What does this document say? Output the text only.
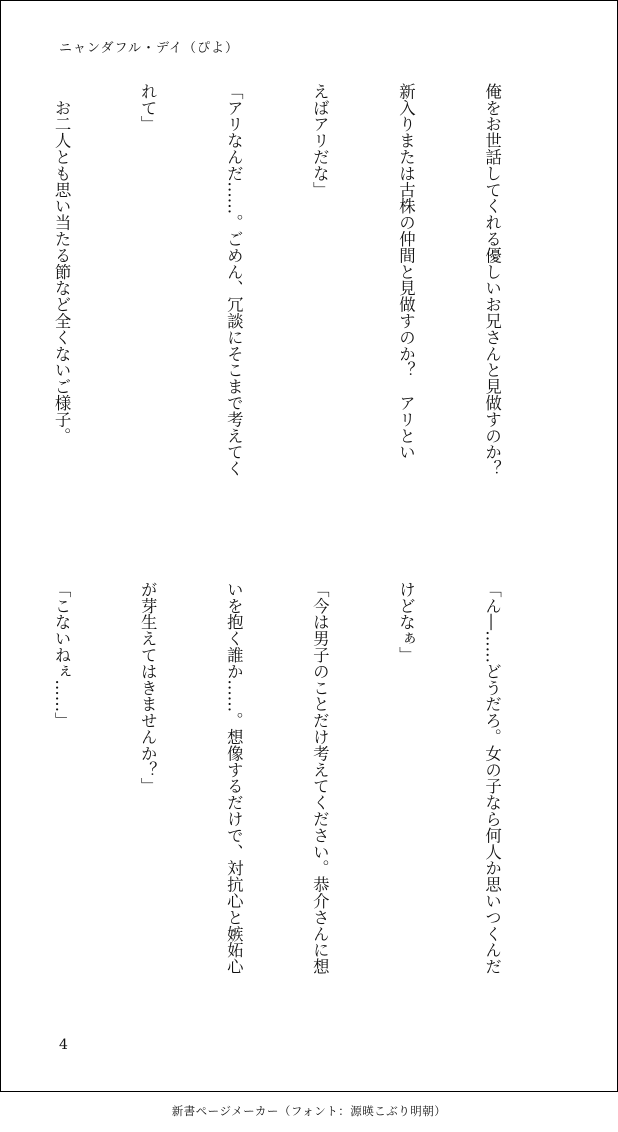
ニャンダフル・デイ（ぴよ）

俺をお世話してくれる優しいお兄さんと見做すのか？

新入りまたは古株の仲間と見做すのか？　アリとい

えばアリだな」

「アリなんだ……。ごめん、冗談にそこまで考えてく

れて」

　お二人とも思い当たる節など全くないご様子。

「ん―……どうだろ。女の子なら何人か思いつくんだ

けどなぁ」

「今は男子のことだけ考えてください。恭介さんに想

いを抱く誰か……。想像するだけで、対抗心と嫉妬心

が芽生えてはきませんか？」

「こないねぇ……」

4
新書ページメーカー（フォント：源暎こぶり明朝）
